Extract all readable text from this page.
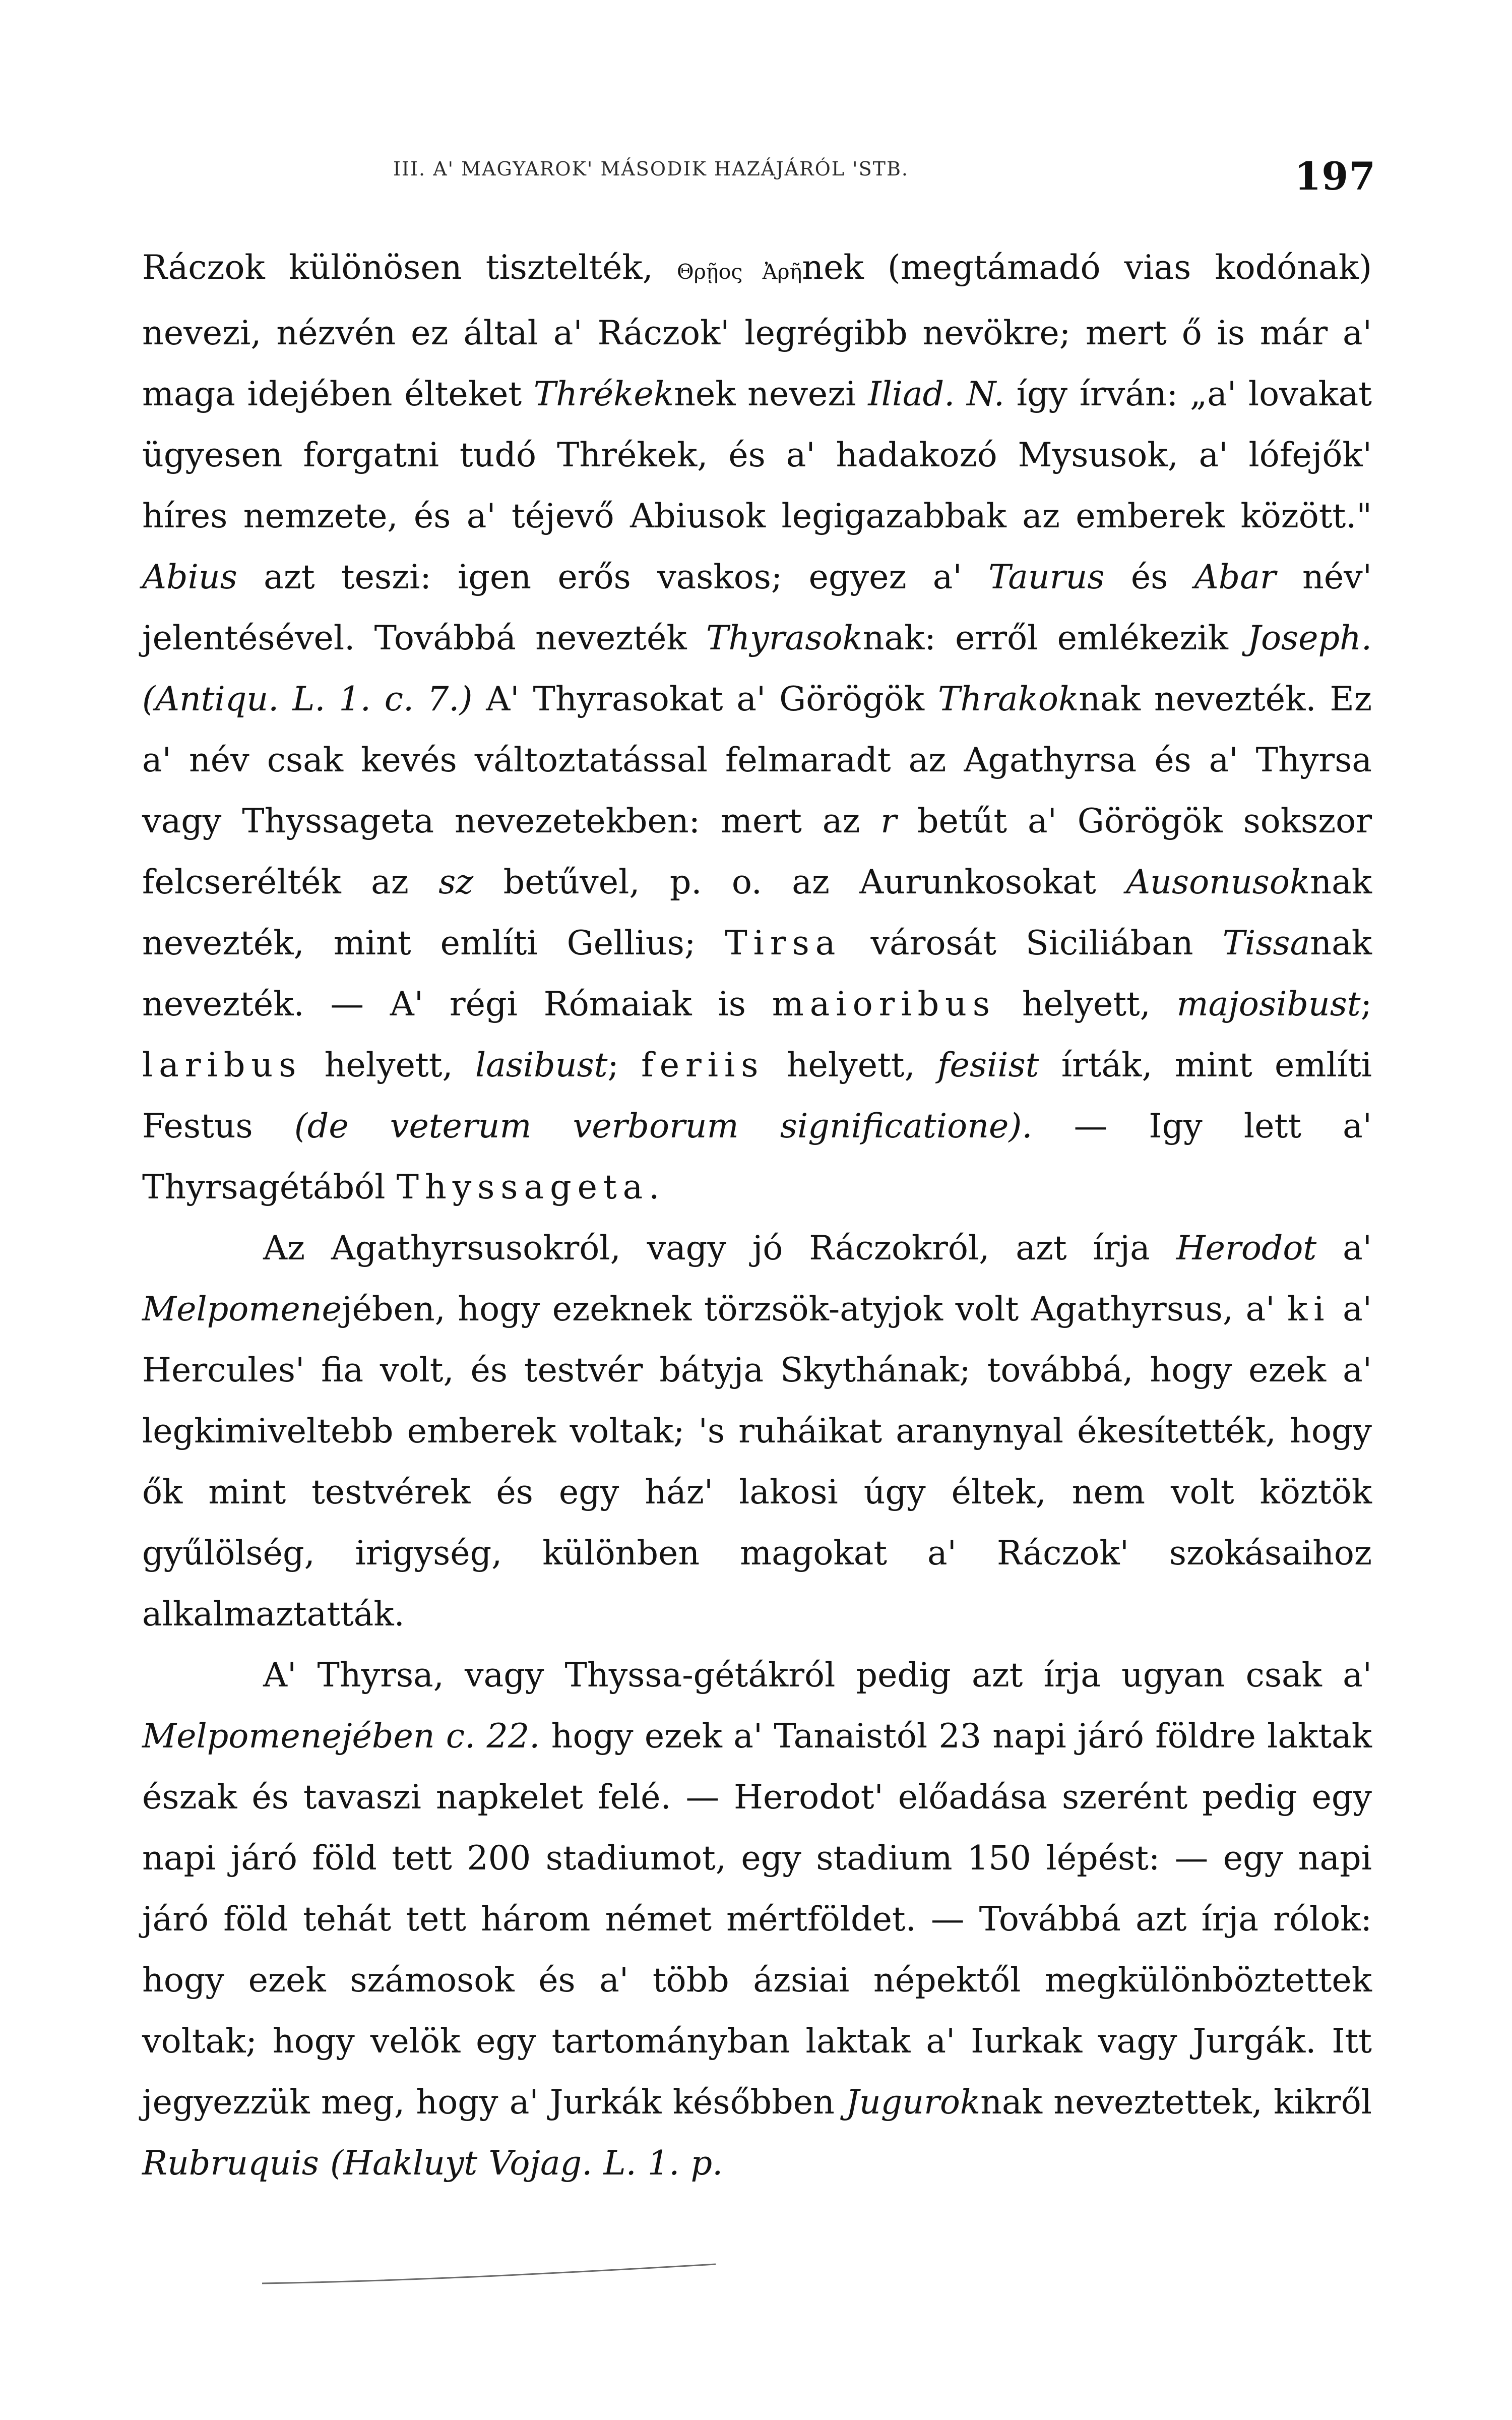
III. A' MAGYAROK' MÁSODIK HAZÁJÁRÓL 'STB.	197

Ráczok különösen tisztelték, Θρῇος Ἀρῆnek (megtámadó vias kodónak) nevezi, nézvén ez által a' Ráczok' legrégibb nevökre; mert ő is már a' maga idejében élteket Thrékeknek nevezi Iliad. N. így írván: „a' lovakat ügyesen forgatni tudó Thrékek, és a' hadakozó Mysusok, a' lófejők' híres nemzete, és a' téjevő Abiusok legigazabbak az emberek között." Abius azt teszi: igen erős vaskos; egyez a' Taurus és Abar név' jelentésével. Továbbá nevezték Thyrasoknak: erről emlékezik Joseph. (Antiqu. L. 1. c. 7.) A' Thyrasokat a' Görögök Thrakoknak nevezték. Ez a' név csak kevés változtatással felmaradt az Agathyrsa és a' Thyrsa vagy Thyssageta nevezetekben: mert az r betűt a' Görögök sokszor felcserélték az sz betűvel, p. o. az Aurunkosokat Ausonusoknak nevezték, mint említi Gellius; Tirsa városát Siciliában Tissanak nevezték. — A' régi Rómaiak is maioribus helyett, majosibust; laribus helyett, lasibust; feriis helyett, fesiist írták, mint említi Festus (de veterum verborum significatione). — Igy lett a' Thyrsagétából Thyssageta.

Az Agathyrsusokról, vagy jó Ráczokról, azt írja Herodot a' Melpomenejében, hogy ezeknek törzsök-atyjok volt Agathyrsus, a' ki a' Hercules' fia volt, és testvér bátyja Skythának; továbbá, hogy ezek a' legkimiveltebb emberek voltak; 's ruháikat aranynyal ékesítették, hogy ők mint testvérek és egy ház' lakosi úgy éltek, nem volt köztök gyűlölség, irigység, különben magokat a' Ráczok' szokásaihoz alkalmaztatták.

A' Thyrsa, vagy Thyssa-gétákról pedig azt írja ugyan csak a' Melpomenejében c. 22. hogy ezek a' Tanaistól 23 napi járó földre laktak észak és tavaszi napkelet felé. — Herodot' előadása szerént pedig egy napi járó föld tett 200 stadiumot, egy stadium 150 lépést: — egy napi járó föld tehát tett három német mértföldet. — Továbbá azt írja rólok: hogy ezek számosok és a' több ázsiai népektől megkülönböztettek voltak; hogy velök egy tartományban laktak a' Iurkak vagy Jurgák. Itt jegyezzük meg, hogy a' Jurkák későbben Juguroknak neveztettek, kikről Rubruquis (Hakluyt Vojag. L. 1. p.
